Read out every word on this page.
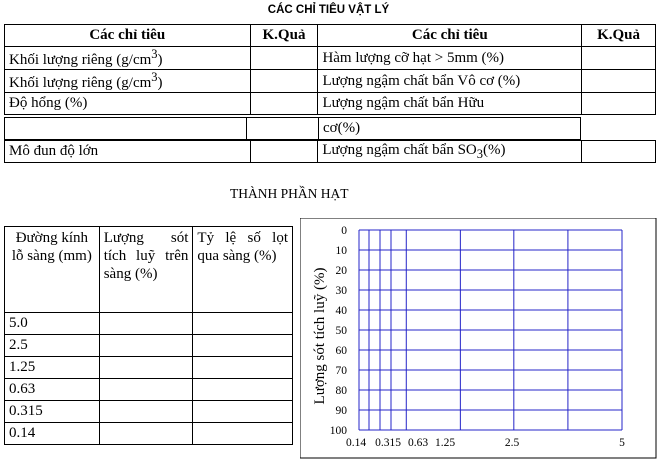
CÁC CHỈ TIÊU VẬT LÝ
Các chỉ tiêu	K.Quả	Các chỉ tiêu	K.Quả
Khối lượng riêng $(g/cm^3)$		Hàm lượng cỡ hạt > 5mm (%)	
Khối lượng riêng $(g/cm^3)$		Lượng ngậm chất bẩn Vô cơ (%)	
Độ hổng (%)		Lượng ngậm chất bẩn Hữu	
		cơ(%)
Mô đun độ lớn		Lượng ngậm chất bẩn $SO_3(\%)$	
THÀNH PHẦN HẠT
Đường kính lỗ sàng (mm)	Lượng sót tích luỹ trên sàng (%)	Tỷ lệ số lọt qua sàng (%)
5.0		
2.5		
1.25		
0.63		
0.315		
0.14		
0
10
20
30
40
50
60
70
80
90
100
0.14 0.315 0.63 1.25	2.5	5
Lượng sót tích luỹ (%)
